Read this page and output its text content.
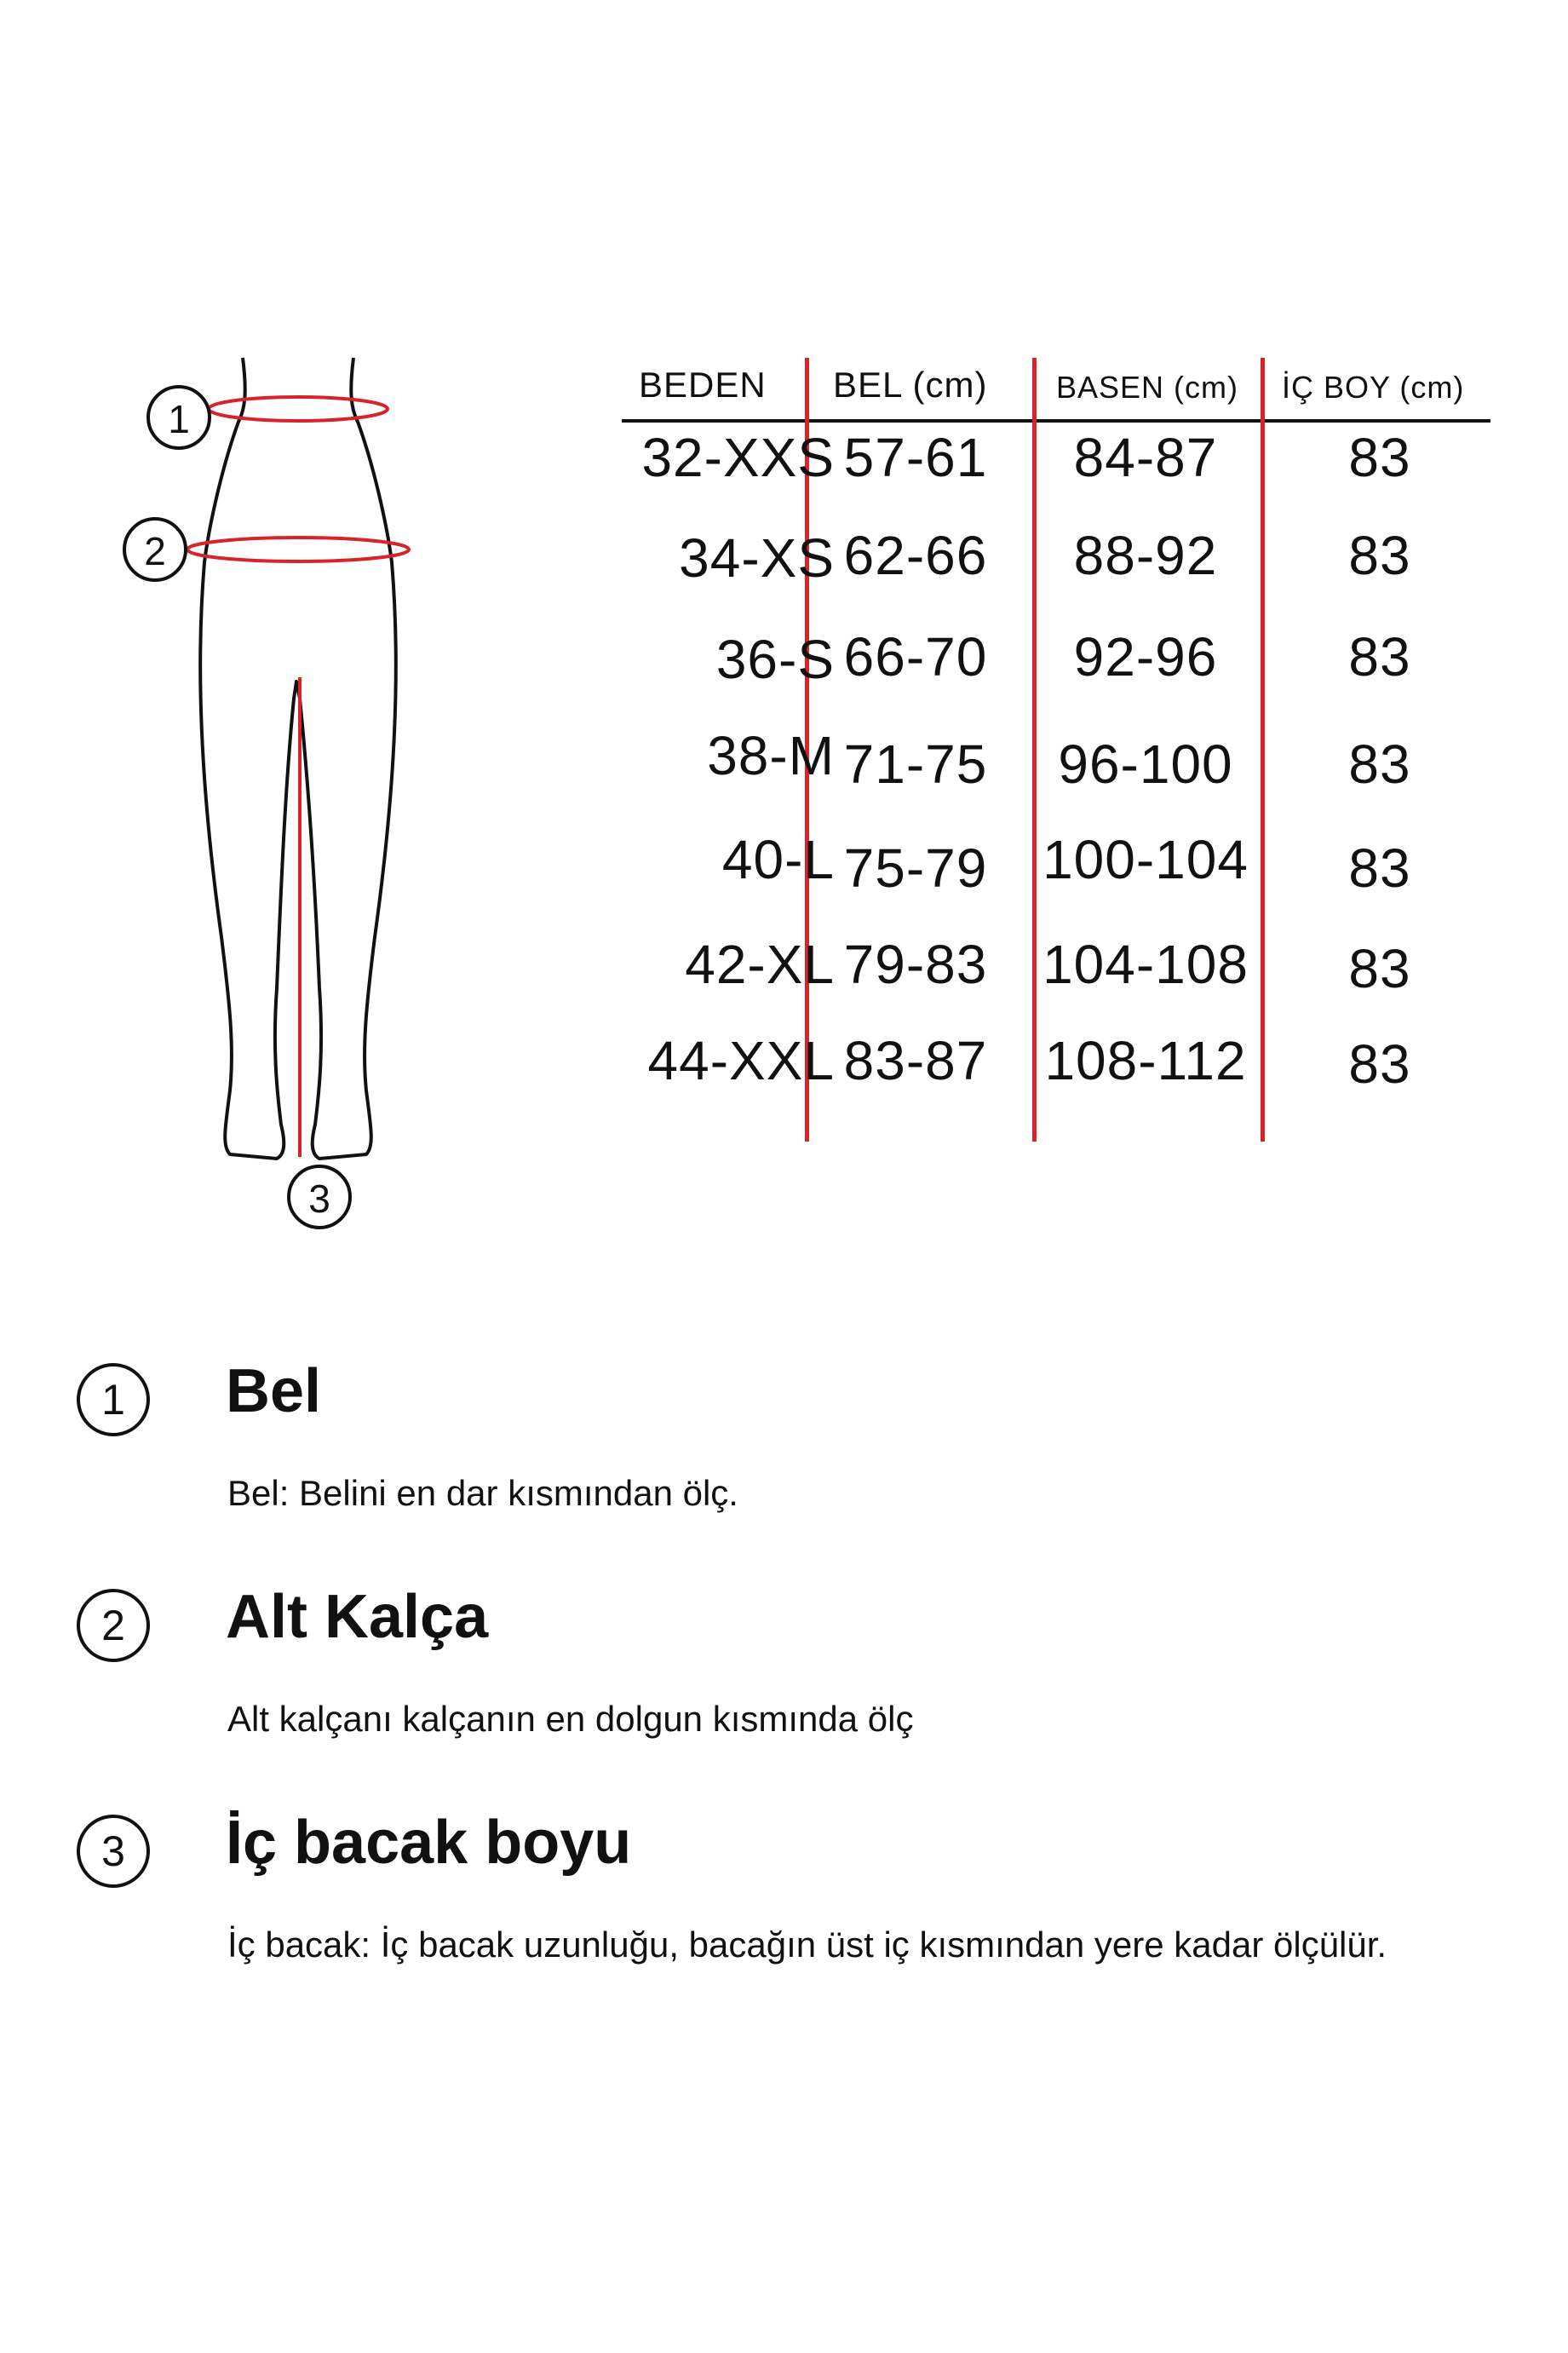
1
2
3
BEDEN BEL (cm) BASEN (cm) İÇ BOY (cm)
32-XXS 57-61	84-87	83
34-XS 62-66	88-92	83
36-S 66-70	92-96	83
38-M 71-75	96-100	83
40-L 75-79	100-104	83
42-XL 79-83	104-108	83
44-XXL 83-87	108-112	83
1	Bel
Bel: Belini en dar kısmından ölç.
2	Alt Kalça
Alt kalçanı kalçanın en dolgun kısmında ölç
3	İç bacak boyu
İç bacak: İç bacak uzunluğu, bacağın üst iç kısmından yere kadar ölçülür.
